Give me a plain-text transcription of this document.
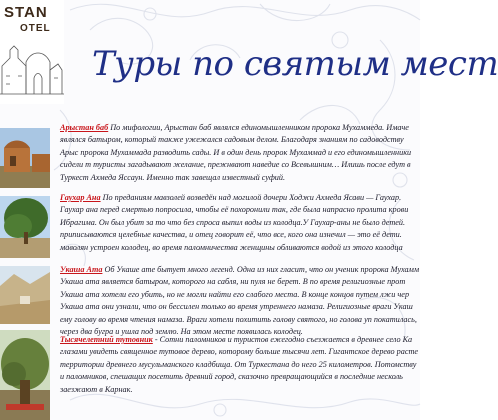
STAN
OTEL
Туры по святым мест

Арыстан баб По мифологии, Арыстан баб являлся единомышленником пророка Мухаммеда. Имаче являлся батыром, который также ужежался садовым делом. Благодаря знаниям по садоводству Арыс пророка Мухаммада разводить сады. И в один день пророк Мухаммад и его единомышленники сидели т туристы загадывают желание, прежнвают наведие со Всевышним… Илишь после едут в Туркест Ахмеда Яссаун. Именно так завещал известный суфий.

Гаухар Ана По преданиям мавзолей возведён над могилой дочери Ходжи Ахмеда Ясави — Гаухар. Гаухар ана перед смертью попросила, чтобы её похоронили так, где была напрасно пролита крови Ибрагима. Он был убит за то что без спроса выпил воды из колодца.У Гаухар-аны не было детей. приписываются целебные качества, и отец говорит её, что все, кого она изнечил — это её дети. маволян устроен колодец, во время паломничества женщины обливаются водой из этого колодца

Укаша Ата Об Укаше ате бытует много легенд. Одна из них гласит, что он ученик пророка Мухамм Укаша ата является батыром, которого на сабля, ни пуля не берет. В по время религиозные прот Укаша ата хотели его убить, но не могли найти его слабого места. В конце концов путем лжи чер Укаша ата они узнали, что он бессилен только во время утреннего намаза. Религиозные враги Укаш ему голову во время чтения намаза. Враги хотели похитить голову святого, но голова уп покатилась, через два бугра и ушла под землю. На этом месте появилась колодец.

Тысячелетний тутовник - Сотни паломников и туристов ежегодно съезжается в древнее село Ка глазами увидеть священное тутовое дерево, которому больше тысячи лет. Гигантское дерево расте территории древнего мусульманского кладбища. От Туркестана до него 25 километров. Потомству и паломников, спешащих посетить древний город, сказочно превращающийся в последние несколь заезжают в Карнак.
